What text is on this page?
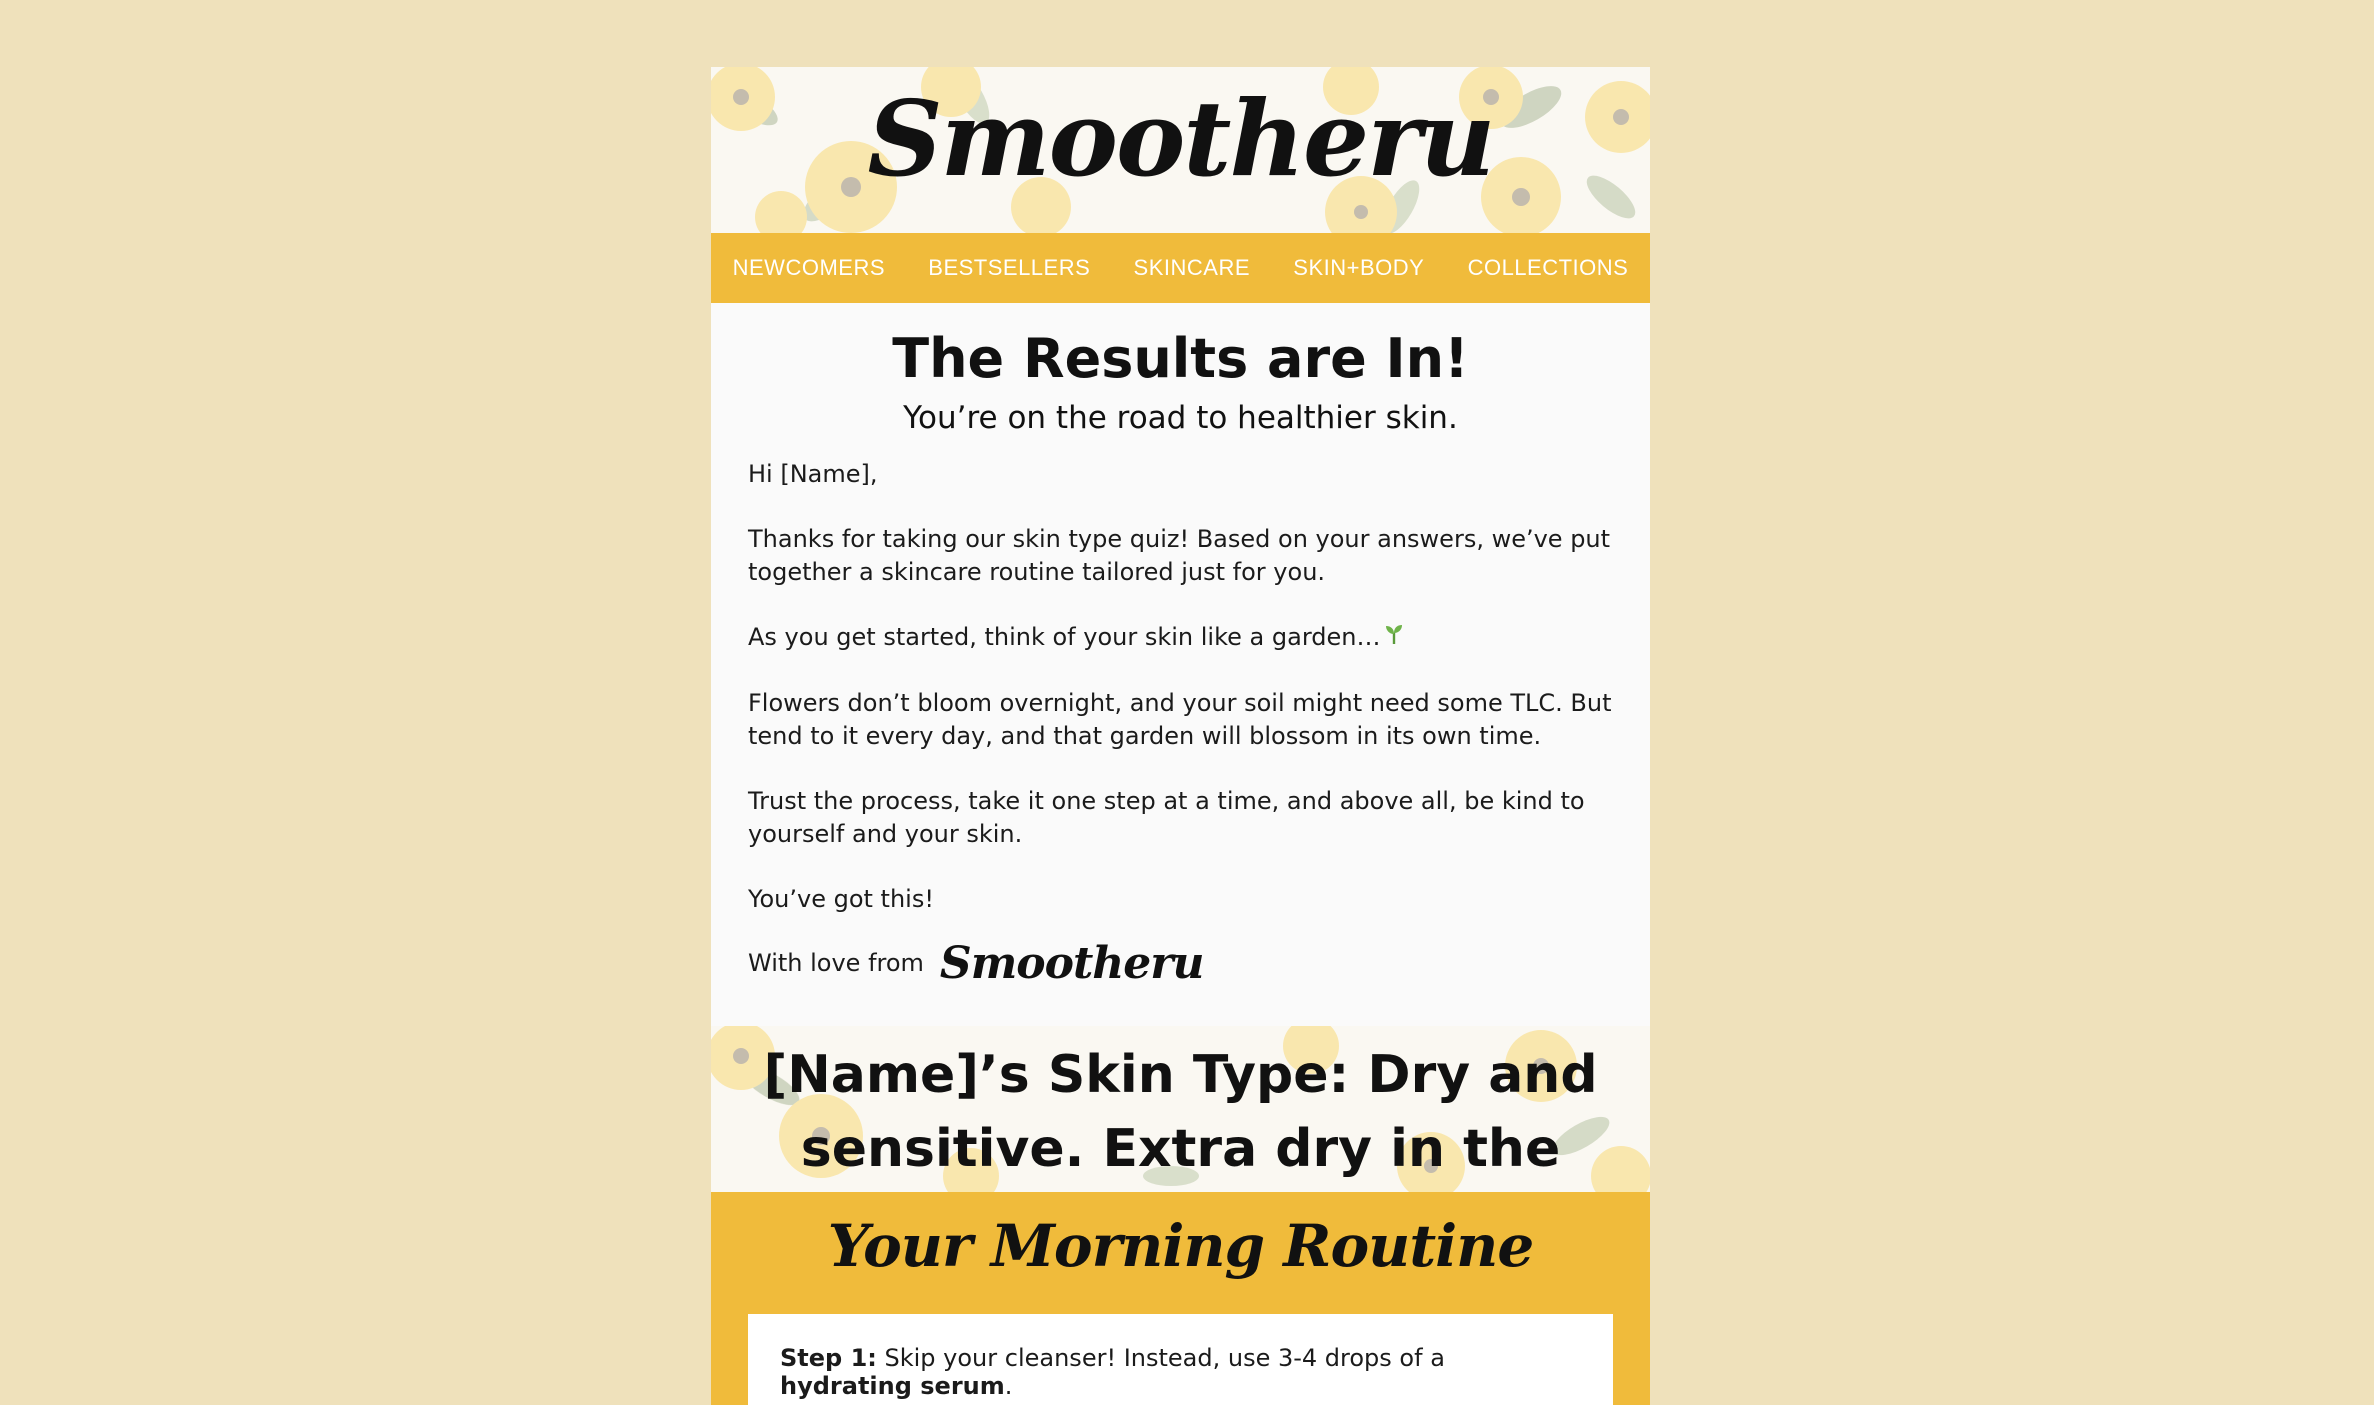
Smootheru
NEWCOMERS BESTSELLERS SKINCARE SKIN+BODY COLLECTIONS
The Results are In!

You’re on the road to healthier skin.

Hi [Name],

Thanks for taking our skin type quiz! Based on your answers, we’ve put together a skincare routine tailored just for you.

As you get started, think of your skin like a garden…

Flowers don’t bloom overnight, and your soil might need some TLC. But tend to it every day, and that garden will blossom in its own time.

Trust the process, take it one step at a time, and above all, be kind to yourself and your skin.

You’ve got this!

With love from Smootheru
[Name]’s Skin Type: Dry and
sensitive. Extra dry in the
Your Morning Routine
Step 1: Skip your cleanser! Instead, use 3-4 drops of a hydrating serum.
